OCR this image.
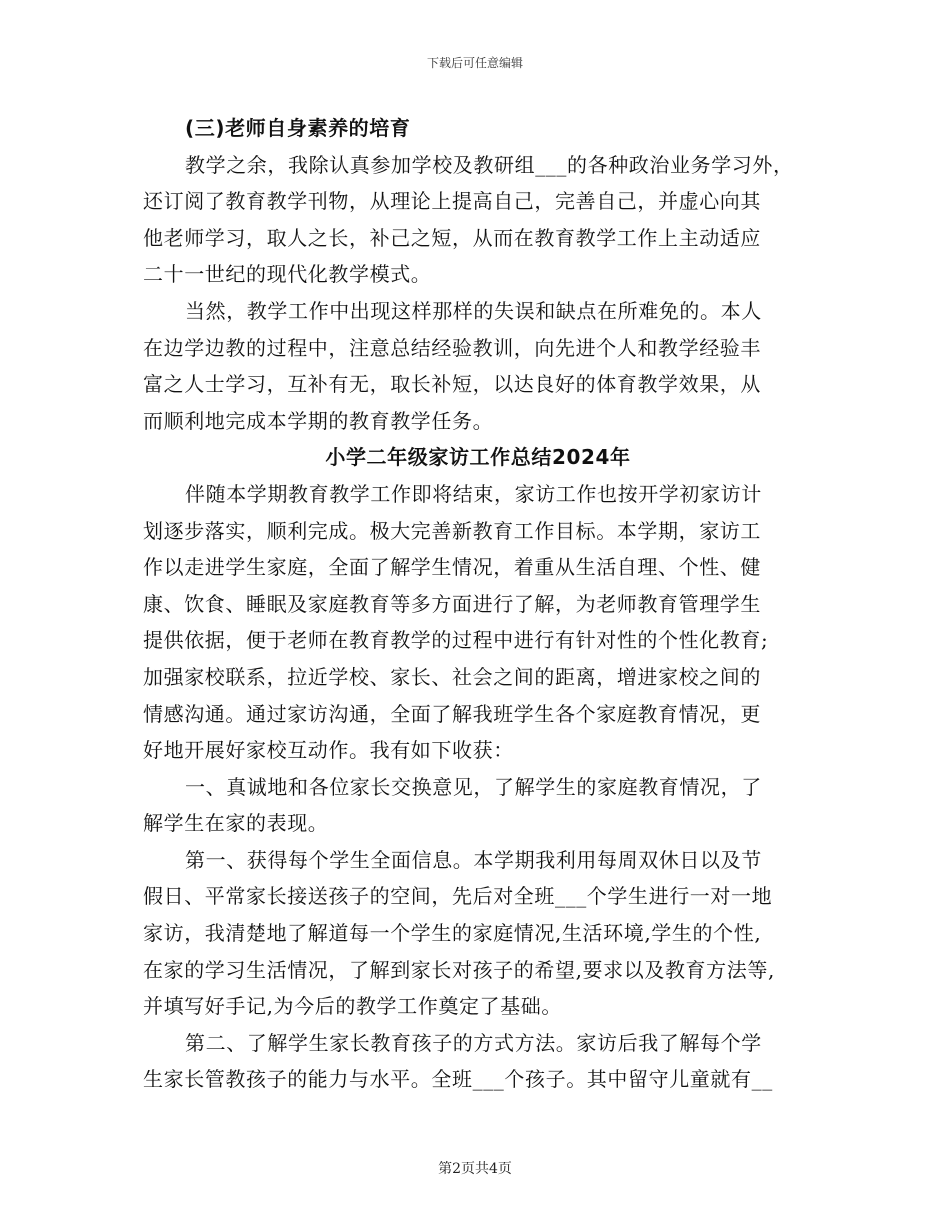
下载后可任意编辑
(三)老师自身素养的培育
教学之余，我除认真参加学校及教研组___的各种政治业务学习外，
还订阅了教育教学刊物，从理论上提高自己，完善自己，并虚心向其
他老师学习，取人之长，补己之短，从而在教育教学工作上主动适应
二十一世纪的现代化教学模式。
当然，教学工作中出现这样那样的失误和缺点在所难免的。本人
在边学边教的过程中，注意总结经验教训，向先进个人和教学经验丰
富之人士学习，互补有无，取长补短，以达良好的体育教学效果，从
而顺利地完成本学期的教育教学任务。
小学二年级家访工作总结2024年
伴随本学期教育教学工作即将结束，家访工作也按开学初家访计
划逐步落实，顺利完成。极大完善新教育工作目标。本学期，家访工
作以走进学生家庭，全面了解学生情况，着重从生活自理、个性、健
康、饮食、睡眠及家庭教育等多方面进行了解，为老师教育管理学生
提供依据，便于老师在教育教学的过程中进行有针对性的个性化教育;
加强家校联系，拉近学校、家长、社会之间的距离，增进家校之间的
情感沟通。通过家访沟通，全面了解我班学生各个家庭教育情况，更
好地开展好家校互动作。我有如下收获：
一、真诚地和各位家长交换意见，了解学生的家庭教育情况，了
解学生在家的表现。
第一、获得每个学生全面信息。本学期我利用每周双休日以及节
假日、平常家长接送孩子的空间，先后对全班___个学生进行一对一地
家访，我清楚地了解道每一个学生的家庭情况,生活环境,学生的个性,
在家的学习生活情况，了解到家长对孩子的希望,要求以及教育方法等,
并填写好手记,为今后的教学工作奠定了基础。
第二、了解学生家长教育孩子的方式方法。家访后我了解每个学
生家长管教孩子的能力与水平。全班___个孩子。其中留守儿童就有__
第2页共4页
